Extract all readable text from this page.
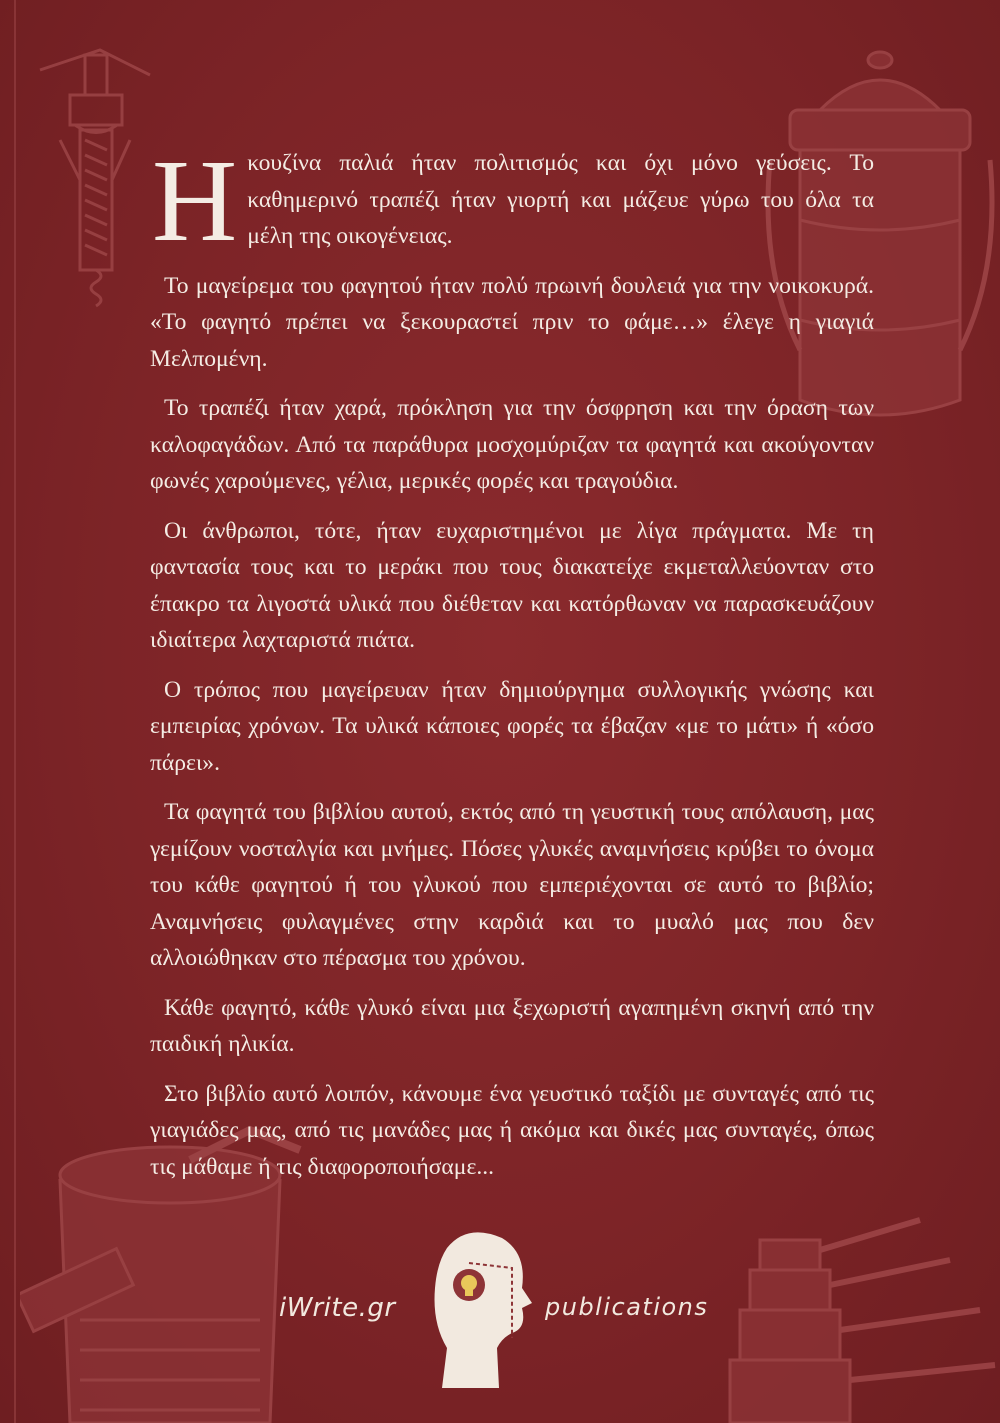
Ηκουζίνα παλιά ήταν πολιτισμός και όχι μόνο γεύσεις. Το καθημερινό τραπέζι ήταν γιορτή και μάζευε γύρω του όλα τα μέλη της οικογένειας.

Το μαγείρεμα του φαγητού ήταν πολύ πρωινή δουλειά για την νοικοκυρά. «Το φαγητό πρέπει να ξεκουραστεί πριν το φάμε…» έλεγε η γιαγιά Μελπομένη.

Το τραπέζι ήταν χαρά, πρόκληση για την όσφρηση και την όραση των καλοφαγάδων. Από τα παράθυρα μοσχομύριζαν τα φαγητά και ακούγονταν φωνές χαρούμενες, γέλια, μερικές φορές και τραγούδια.

Οι άνθρωποι, τότε, ήταν ευχαριστημένοι με λίγα πράγματα. Με τη φαντασία τους και το μεράκι που τους διακατείχε εκμεταλλεύονταν στο έπακρο τα λιγοστά υλικά που διέθεταν και κατόρθωναν να παρασκευάζουν ιδιαίτερα λαχταριστά πιάτα.

Ο τρόπος που μαγείρευαν ήταν δημιούργημα συλλογικής γνώσης και εμπειρίας χρόνων. Τα υλικά κάποιες φορές τα έβαζαν «με το μάτι» ή «όσο πάρει».

Τα φαγητά του βιβλίου αυτού, εκτός από τη γευστική τους απόλαυση, μας γεμίζουν νοσταλγία και μνήμες. Πόσες γλυκές αναμνήσεις κρύβει το όνομα του κάθε φαγητού ή του γλυκού που εμπεριέχονται σε αυτό το βιβλίο; Αναμνήσεις φυλαγμένες στην καρδιά και το μυαλό μας που δεν αλλοιώθηκαν στο πέρασμα του χρόνου.

Κάθε φαγητό, κάθε γλυκό είναι μια ξεχωριστή αγαπημένη σκηνή από την παιδική ηλικία.

Στο βιβλίο αυτό λοιπόν, κάνουμε ένα γευστικό ταξίδι με συνταγές από τις γιαγιάδες μας, από τις μανάδες μας ή ακόμα και δικές μας συνταγές, όπως τις μάθαμε ή τις διαφοροποιήσαμε...

iWrite.gr	publications
